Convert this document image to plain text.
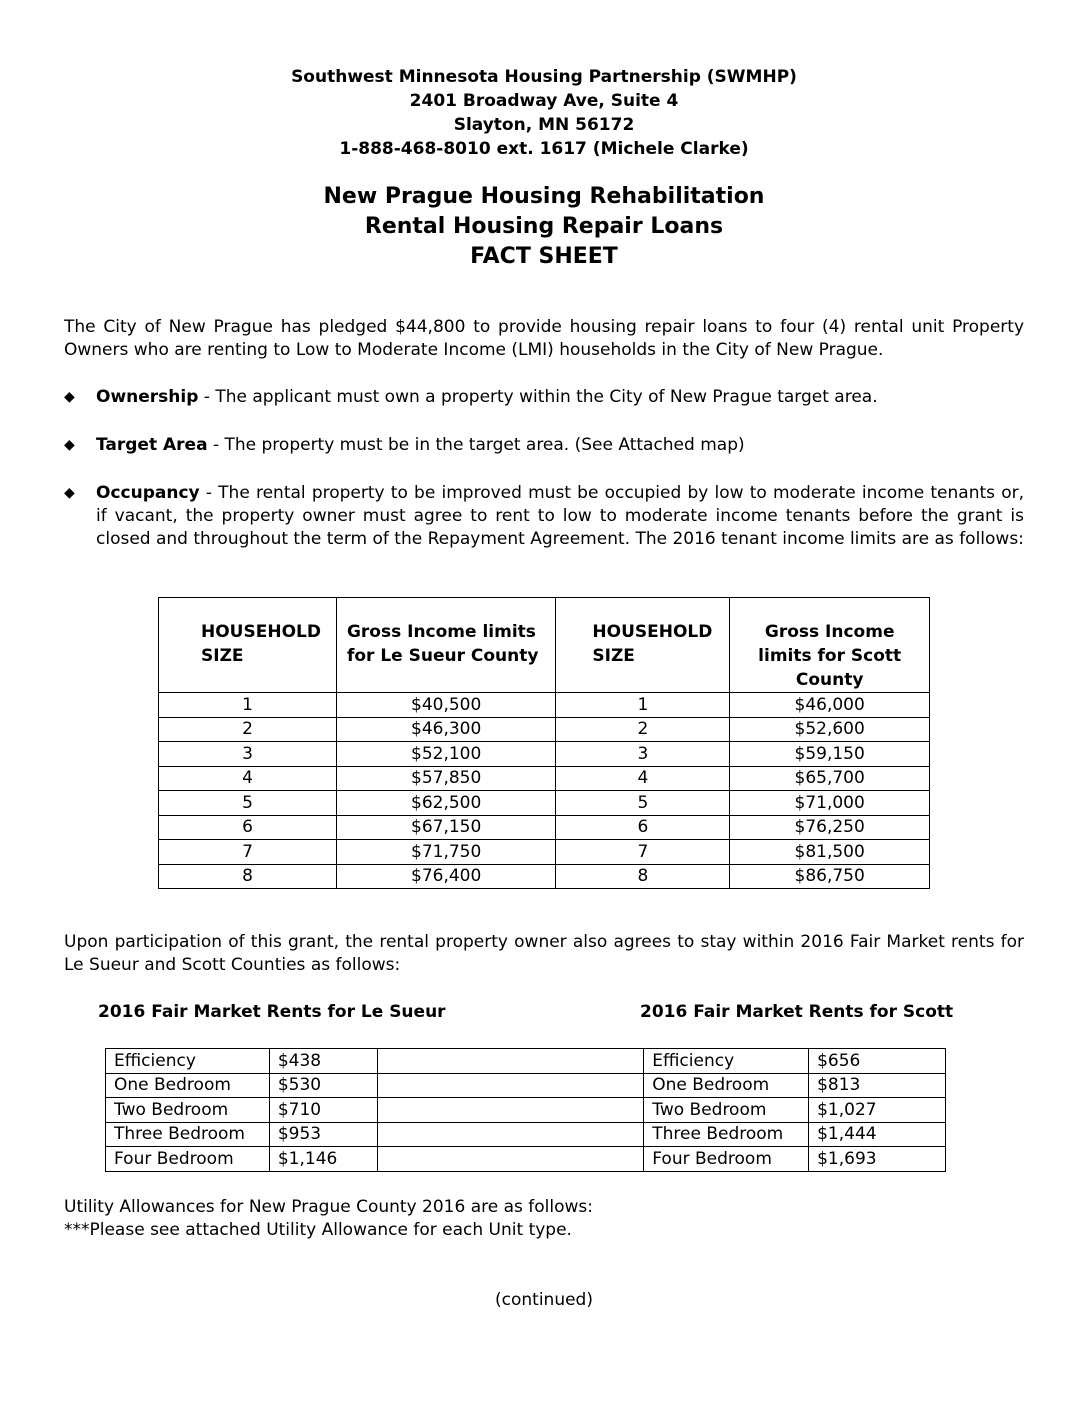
Southwest Minnesota Housing Partnership (SWMHP)
2401 Broadway Ave, Suite 4
Slayton, MN 56172
1-888-468-8010 ext. 1617 (Michele Clarke)
New Prague Housing Rehabilitation
Rental Housing Repair Loans
FACT SHEET
The City of New Prague has pledged $44,800 to provide housing repair loans to four (4) rental unit Property Owners who are renting to Low to Moderate Income (LMI) households in the City of New Prague.
◆ Ownership - The applicant must own a property within the City of New Prague target area.
◆ Target Area - The property must be in the target area. (See Attached map)
◆ Occupancy - The rental property to be improved must be occupied by low to moderate income tenants or, if vacant, the property owner must agree to rent to low to moderate income tenants before the grant is closed and throughout the term of the Repayment Agreement. The 2016 tenant income limits are as follows:
HOUSEHOLD SIZE	Gross Income limits for Le Sueur County	HOUSEHOLD SIZE	Gross Income limits for Scott County
1	$40,500	1	$46,000
2	$46,300	2	$52,600
3	$52,100	3	$59,150
4	$57,850	4	$65,700
5	$62,500	5	$71,000
6	$67,150	6	$76,250
7	$71,750	7	$81,500
8	$76,400	8	$86,750
Upon participation of this grant, the rental property owner also agrees to stay within 2016 Fair Market rents for Le Sueur and Scott Counties as follows:
2016 Fair Market Rents for Le Sueur	2016 Fair Market Rents for Scott
Efficiency	$438		Efficiency	$656
One Bedroom	$530		One Bedroom	$813
Two Bedroom	$710		Two Bedroom	$1,027
Three Bedroom	$953		Three Bedroom	$1,444
Four Bedroom	$1,146		Four Bedroom	$1,693
Utility Allowances for New Prague County 2016 are as follows:
***Please see attached Utility Allowance for each Unit type.
(continued)
